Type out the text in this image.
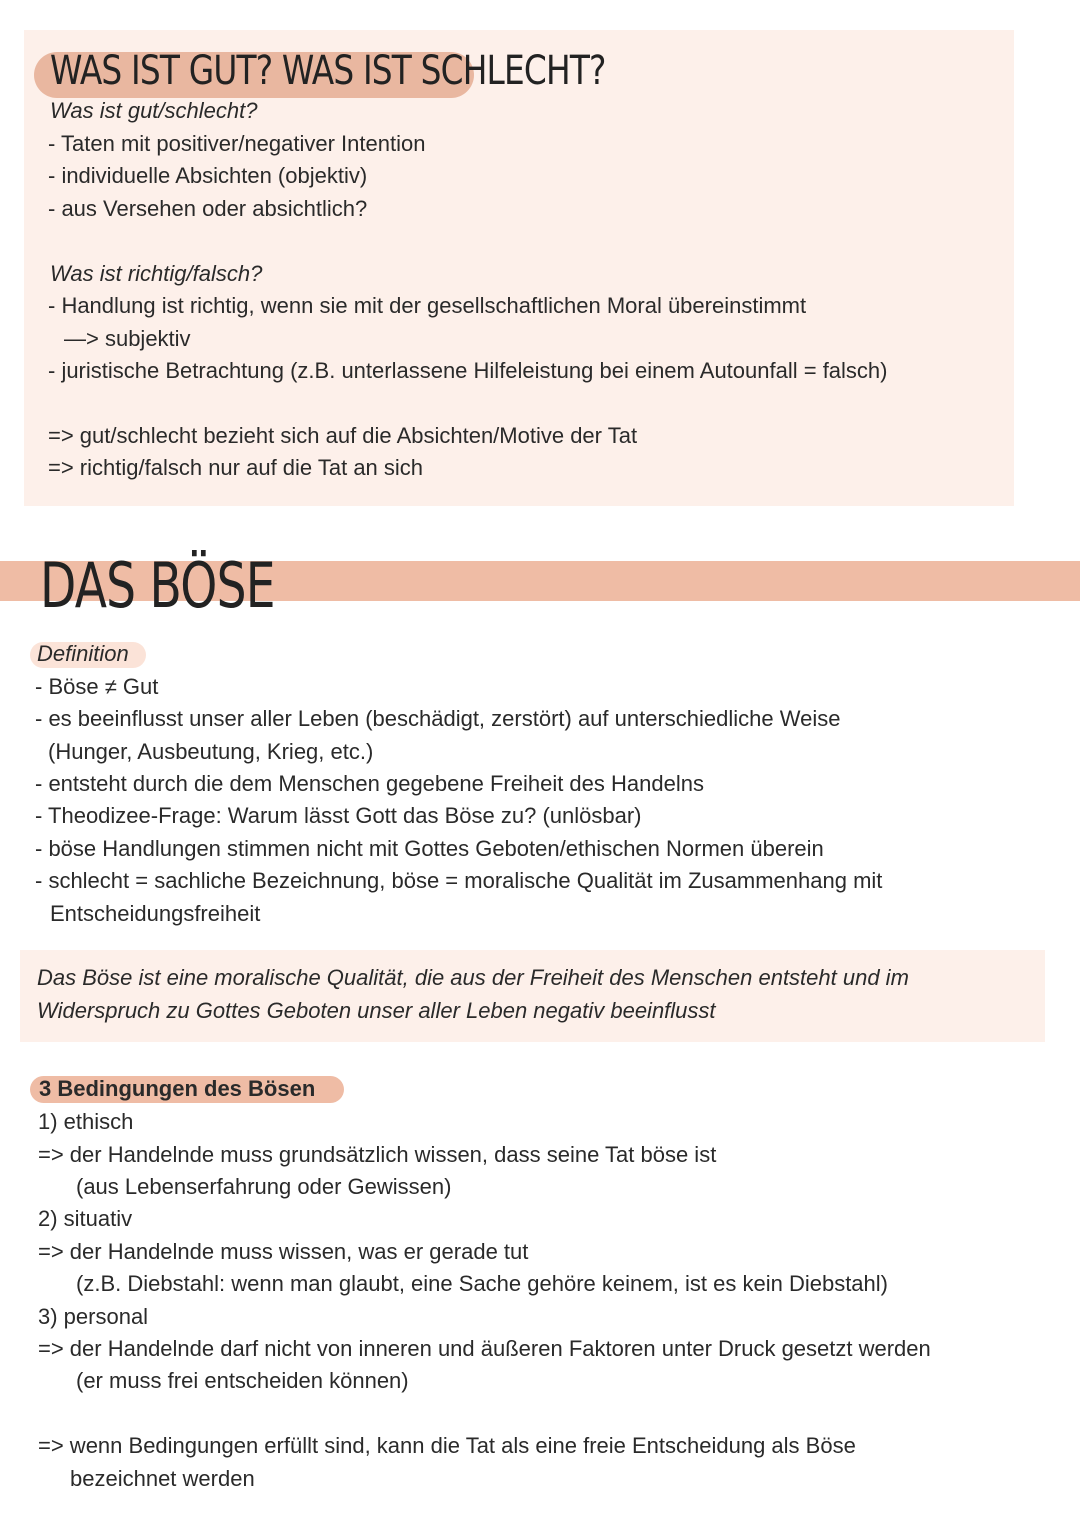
WAS IST GUT? WAS IST SCHLECHT?
Was ist gut/schlecht?
- Taten mit positiver/negativer Intention
- individuelle Absichten (objektiv)
- aus Versehen oder absichtlich?
Was ist richtig/falsch?
- Handlung ist richtig, wenn sie mit der gesellschaftlichen Moral übereinstimmt
—> subjektiv
- juristische Betrachtung (z.B. unterlassene Hilfeleistung bei einem Autounfall = falsch)
=> gut/schlecht bezieht sich auf die Absichten/Motive der Tat
=> richtig/falsch nur auf die Tat an sich
DAS BÖSE
Definition
- Böse ≠ Gut
- es beeinflusst unser aller Leben (beschädigt, zerstört) auf unterschiedliche Weise
(Hunger, Ausbeutung, Krieg, etc.)
- entsteht durch die dem Menschen gegebene Freiheit des Handelns
- Theodizee-Frage: Warum lässt Gott das Böse zu? (unlösbar)
- böse Handlungen stimmen nicht mit Gottes Geboten/ethischen Normen überein
- schlecht = sachliche Bezeichnung, böse = moralische Qualität im Zusammenhang mit
Entscheidungsfreiheit
Das Böse ist eine moralische Qualität, die aus der Freiheit des Menschen entsteht und im
Widerspruch zu Gottes Geboten unser aller Leben negativ beeinflusst
3 Bedingungen des Bösen
1) ethisch
=> der Handelnde muss grundsätzlich wissen, dass seine Tat böse ist
(aus Lebenserfahrung oder Gewissen)
2) situativ
=> der Handelnde muss wissen, was er gerade tut
(z.B. Diebstahl: wenn man glaubt, eine Sache gehöre keinem, ist es kein Diebstahl)
3) personal
=> der Handelnde darf nicht von inneren und äußeren Faktoren unter Druck gesetzt werden
(er muss frei entscheiden können)
=> wenn Bedingungen erfüllt sind, kann die Tat als eine freie Entscheidung als Böse
bezeichnet werden
